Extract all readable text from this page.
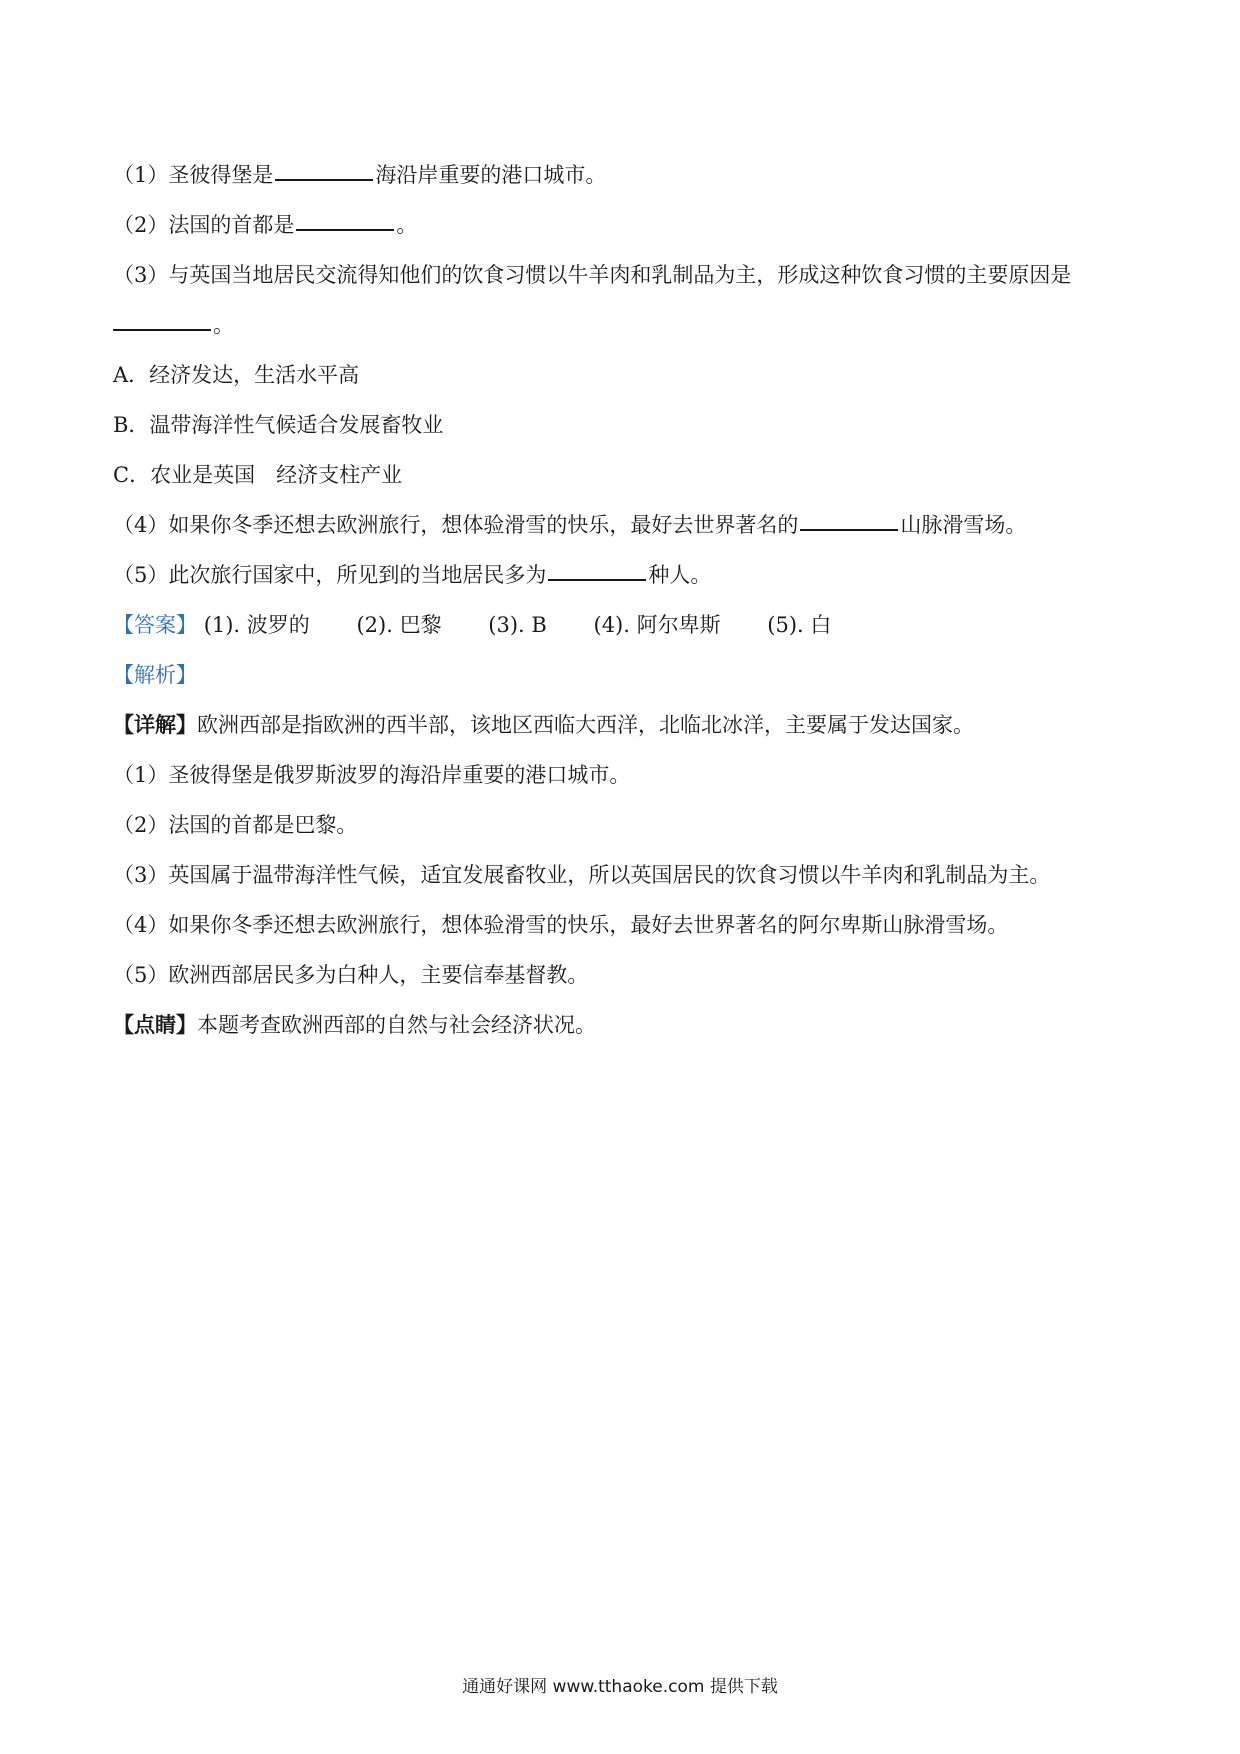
（1）圣彼得堡是	海沿岸重要的港口城市。
（2）法国的首都是	。
（3）与英国当地居民交流得知他们的饮食习惯以牛羊肉和乳制品为主，形成这种饮食习惯的主要原因是
。
A．经济发达，生活水平高
B．温带海洋性气候适合发展畜牧业
C．农业是英国　经济支柱产业
（4）如果你冬季还想去欧洲旅行，想体验滑雪的快乐，最好去世界著名的	山脉滑雪场。
（5）此次旅行国家中，所见到的当地居民多为	种人。
【答案】 (1). 波罗的 (2). 巴黎 (3). B (4). 阿尔卑斯 (5). 白
【解析】
【详解】欧洲西部是指欧洲的西半部，该地区西临大西洋，北临北冰洋，主要属于发达国家。
（1）圣彼得堡是俄罗斯波罗的海沿岸重要的港口城市。
（2）法国的首都是巴黎。
（3）英国属于温带海洋性气候，适宜发展畜牧业，所以英国居民的饮食习惯以牛羊肉和乳制品为主。
（4）如果你冬季还想去欧洲旅行，想体验滑雪的快乐，最好去世界著名的阿尔卑斯山脉滑雪场。
（5）欧洲西部居民多为白种人，主要信奉基督教。
【点睛】本题考查欧洲西部的自然与社会经济状况。
通通好课网 www.tthaoke.com 提供下载
